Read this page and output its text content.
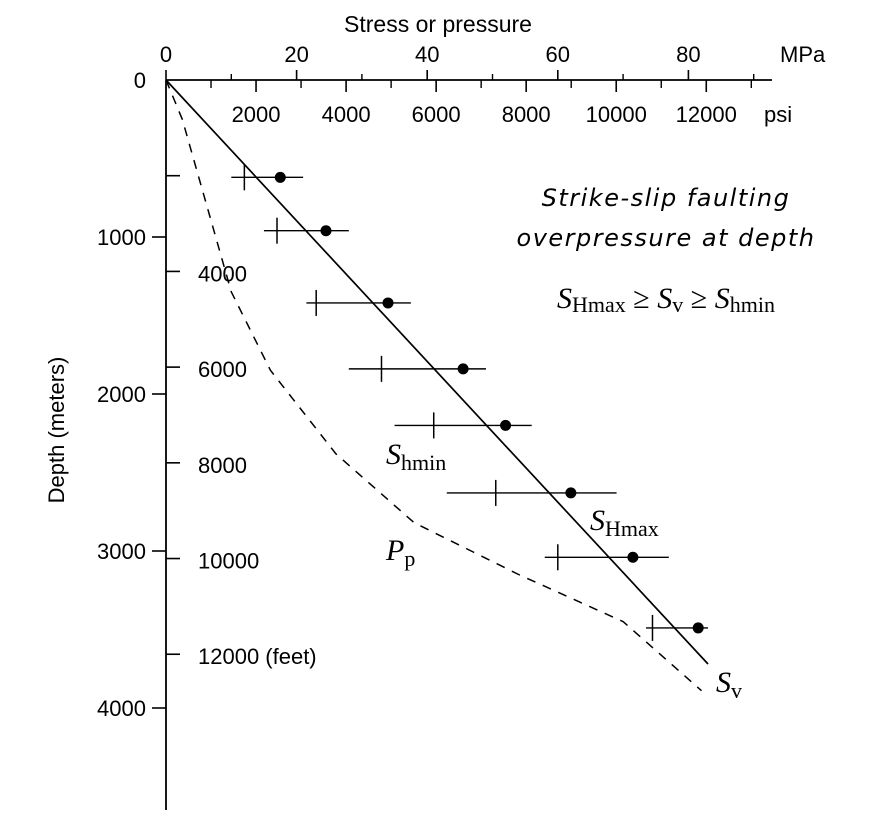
Stress or pressure
MPa
psi
Depth (meters)
0	20	40	60	80
2000 4000 6000 8000 10000 12000
0
1000
2000
3000
4000
4000
6000
8000
10000
12000 (feet)
Strike-slip faulting
overpressure at depth
SHmax ≥ Sv ≥ Shmin
$S_{hmin}$
$S_{Hmax}$
$P_p$
$S_v$
